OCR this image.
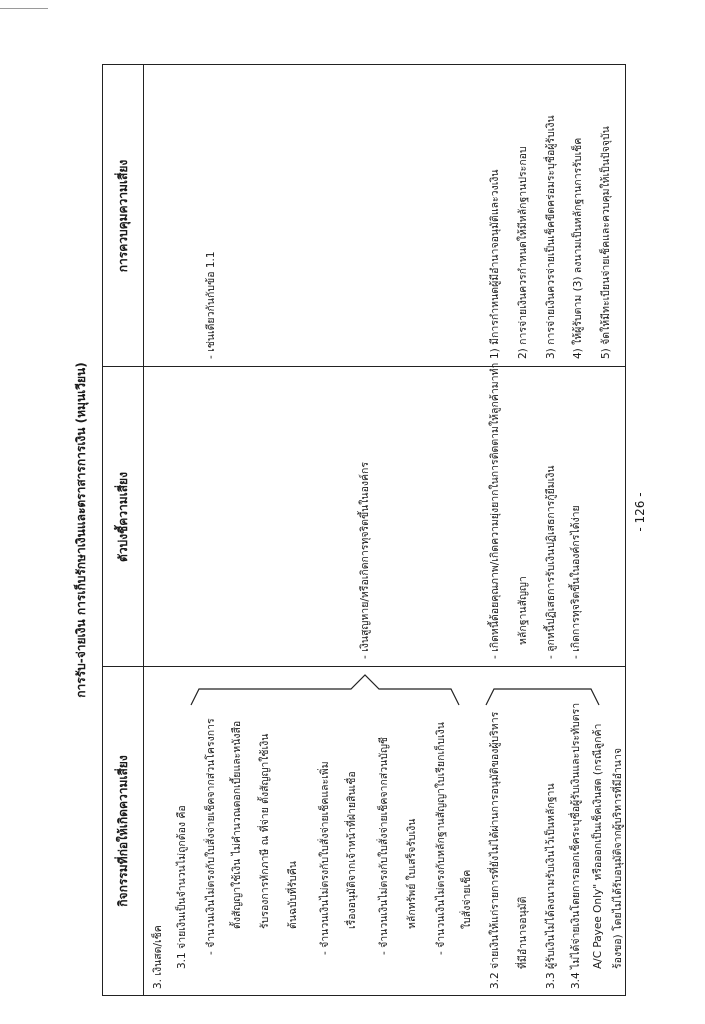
- 126 -
การรับ-จ่ายเงิน การเก็บรักษาเงินและตราสารการเงิน (หมุนเวียน)
กิจกรรมที่ก่อให้เกิดความเสี่ยง
ตัวบ่งชี้ความเสี่ยง
การควบคุมความเสี่ยง
3. เงินสด/เช็ค 3.1 จ่ายเงินเป็นจำนวนไม่ถูกต้อง คือ - จำนวนเงินไม่ตรงกับใบสั่งจ่ายเช็คจากส่วนโครงการ ตั้งสัญญาใช้เงิน ไม่คำนวณดอกเบี้ยและหนังสือ รับรองการหักภาษี ณ ที่จ่าย ตั้งสัญญาใช้เงิน ต้นฉบับที่รับคืน - จำนวนเงินไม่ตรงกับใบสั่งจ่ายเช็คและเพิ่ม เรื่องอนุมัติจากเจ้าหน้าที่ฝ่ายสินเชื่อ - จำนวนเงินไม่ตรงกับใบสั่งจ่ายเช็คจากส่วนบัญชี หลักทรัพย์ ใบเสร็จรับเงิน - จำนวนเงินไม่ตรงกับหลักฐานสัญญาใบเรียกเก็บเงิน ใบสั่งจ่ายเช็ค 3.2 จ่ายเงินให้แก่รายการที่ยังไม่ได้ผ่านการอนุมัติของผู้บริหาร ที่มีอำนาจอนุมัติ 3.3 ผู้รับเงินไม่ได้ลงนามรับเงินไว้เป็นหลักฐาน 3.4 ไม่ได้จ่ายเงินโดยการออกเช็คระบุชื่อผู้รับเงินและประทับตรา A/C Payee Only" หรือออกเป็นเช็คเงินสด (กรณีลูกค้า ร้องขอ) โดยไม่ได้รับอนุมัติจากผู้บริหารที่มีอำนาจ
- เงินสูญหาย/หรือเกิดการทุจริตขึ้นในองค์กร	- เกิดหนี้ด้อยคุณภาพ/เกิดความยุ่งยากในการติดตามให้ลูกค้ามาทำ หลักฐานสัญญา - ลูกหนี้ปฏิเสธการรับเงินปฏิเสธการกู้ยืมเงิน - เกิดการทุจริตขึ้นในองค์กรได้ง่าย
- เช่นเดียวกันกับข้อ 1.1	1) มีการกำหนดผู้มีอำนาจอนุมัติและวงเงิน 2) การจ่ายเงินควรกำหนดให้มีหลักฐานประกอบ 3) การจ่ายเงินควรจ่ายเป็นเช็คขีดคร่อมระบุชื่อผู้รับเงิน 4) ให้ผู้รับตาม (3) ลงนามเป็นหลักฐานการรับเช็ค 5) จัดให้มีทะเบียนจ่ายเช็คและควบคุมให้เป็นปัจจุบัน
